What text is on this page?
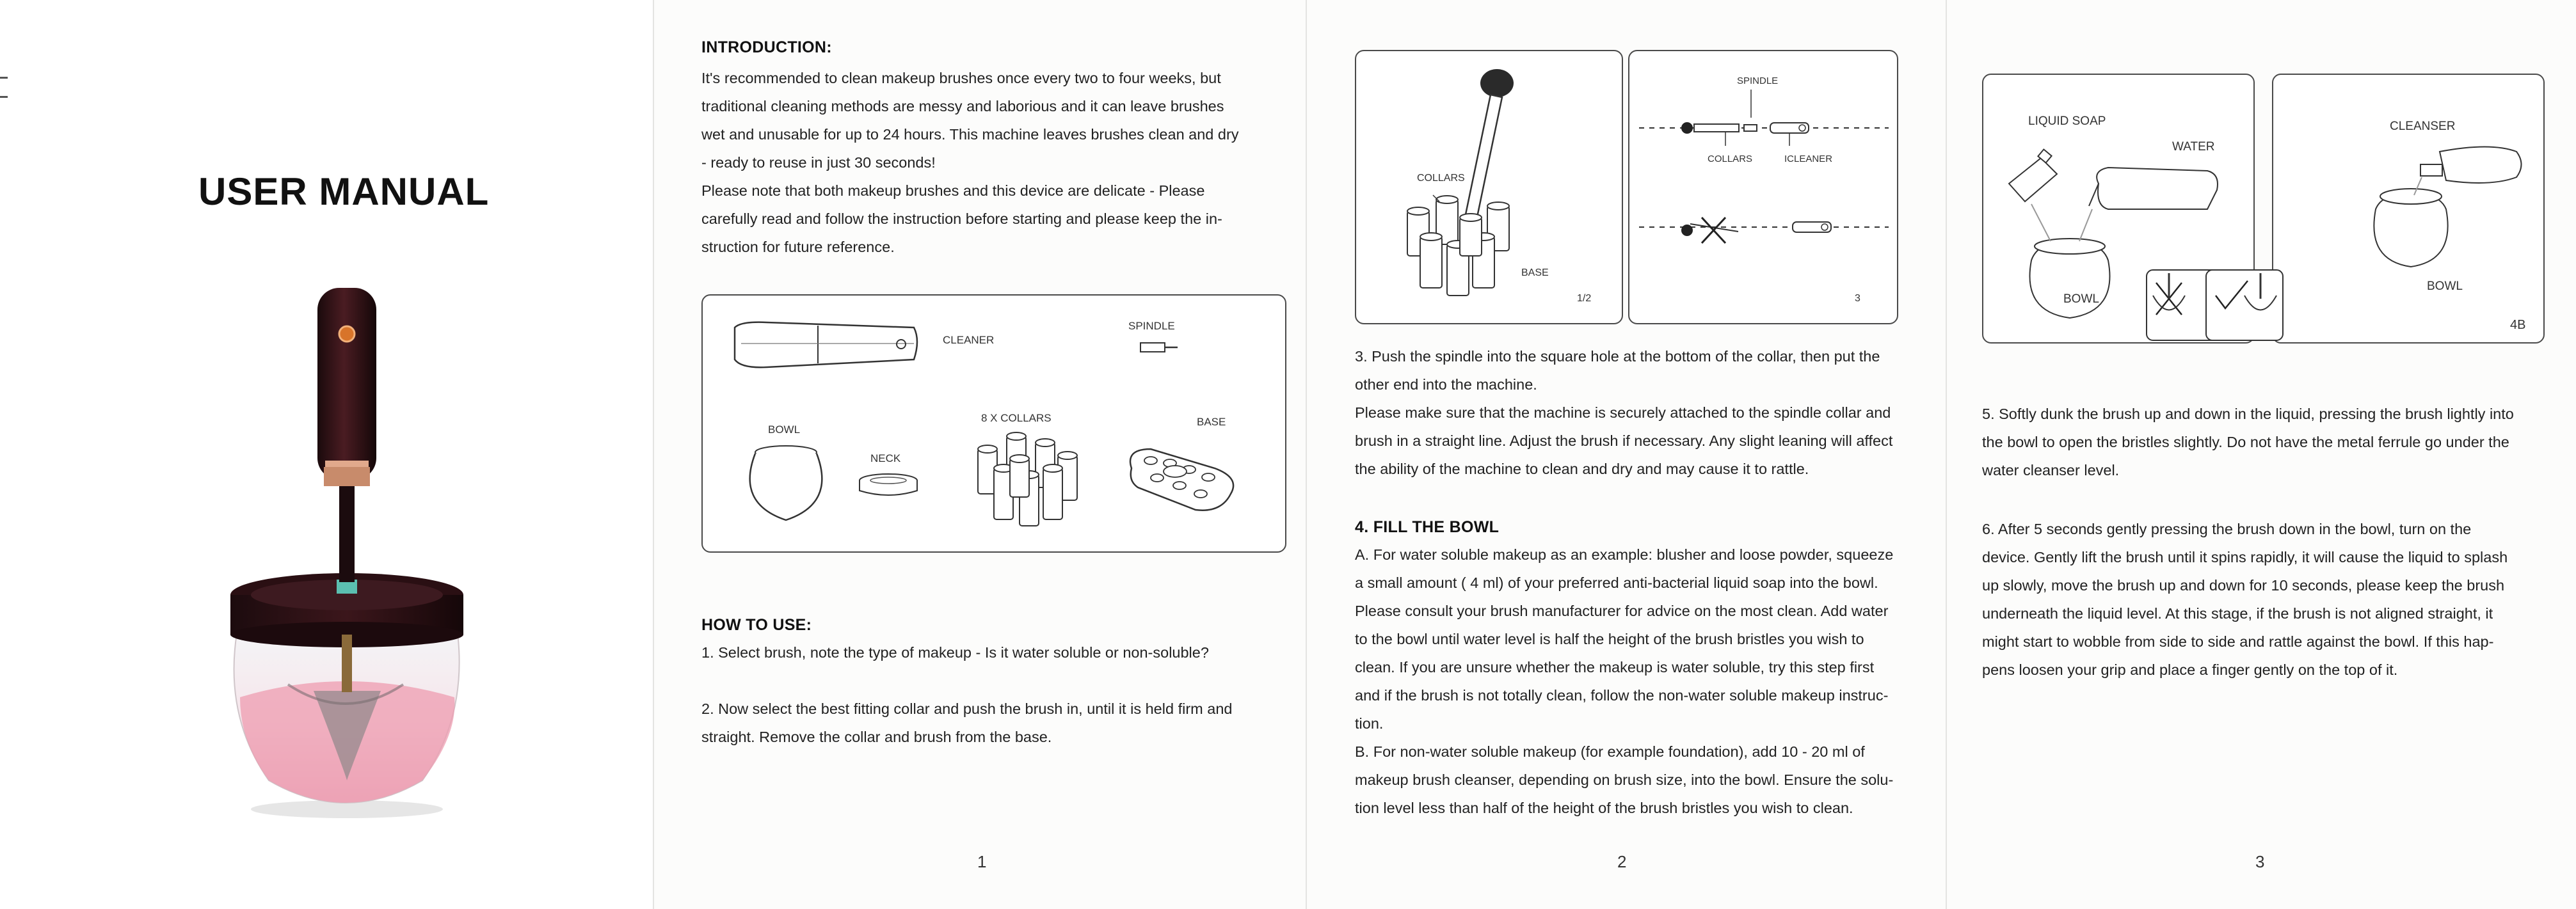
USER MANUAL
INTRODUCTION:

It's recommended to clean makeup brushes once every two to four weeks, but

traditional cleaning methods are messy and laborious and it can leave brushes

wet and unusable for up to 24 hours. This machine leaves brushes clean and dry

- ready to reuse in just 30 seconds!

Please note that both makeup brushes and this device are delicate - Please

carefully read and follow the instruction before starting and please keep the in-

struction for future reference.

CLEANER
SPINDLE
BOWL
NECK
8 X COLLARS	BASE
HOW TO USE:

1. Select brush, note the type of makeup - Is it water soluble or non-soluble?

2. Now select the best fitting collar and push the brush in, until it is held firm and

straight. Remove the collar and brush from the base.

1
COLLARS
BASE
1/2
SPINDLE
COLLARS	ICLEANER
3

3. Push the spindle into the square hole at the bottom of the collar, then put the

other end into the machine.

Please make sure that the machine is securely attached to the spindle collar and

brush in a straight line. Adjust the brush if necessary. Any slight leaning will affect

the ability of the machine to clean and dry and may cause it to rattle.

4. FILL THE BOWL

A. For water soluble makeup as an example: blusher and loose powder, squeeze

a small amount ( 4 ml) of your preferred anti-bacterial liquid soap into the bowl.

Please consult your brush manufacturer for advice on the most clean. Add water

to the bowl until water level is half the height of the brush bristles you wish to

clean. If you are unsure whether the makeup is water soluble, try this step first

and if the brush is not totally clean, follow the non-water soluble makeup instruc-

tion.

B. For non-water soluble makeup (for example foundation), add 10 - 20 ml of

makeup brush cleanser, depending on brush size, into the bowl. Ensure the solu-

tion level less than half of the height of the brush bristles you wish to clean.

2
LIQUID SOAP
WATER
BOWL
CLEANSER
BOWL
4B

5. Softly dunk the brush up and down in the liquid, pressing the brush lightly into

the bowl to open the bristles slightly. Do not have the metal ferrule go under the

water cleanser level.

6. After 5 seconds gently pressing the brush down in the bowl, turn on the

device. Gently lift the brush until it spins rapidly, it will cause the liquid to splash

up slowly, move the brush up and down for 10 seconds, please keep the brush

underneath the liquid level. At this stage, if the brush is not aligned straight, it

might start to wobble from side to side and rattle against the bowl. If this hap-

pens loosen your grip and place a finger gently on the top of it.

3
